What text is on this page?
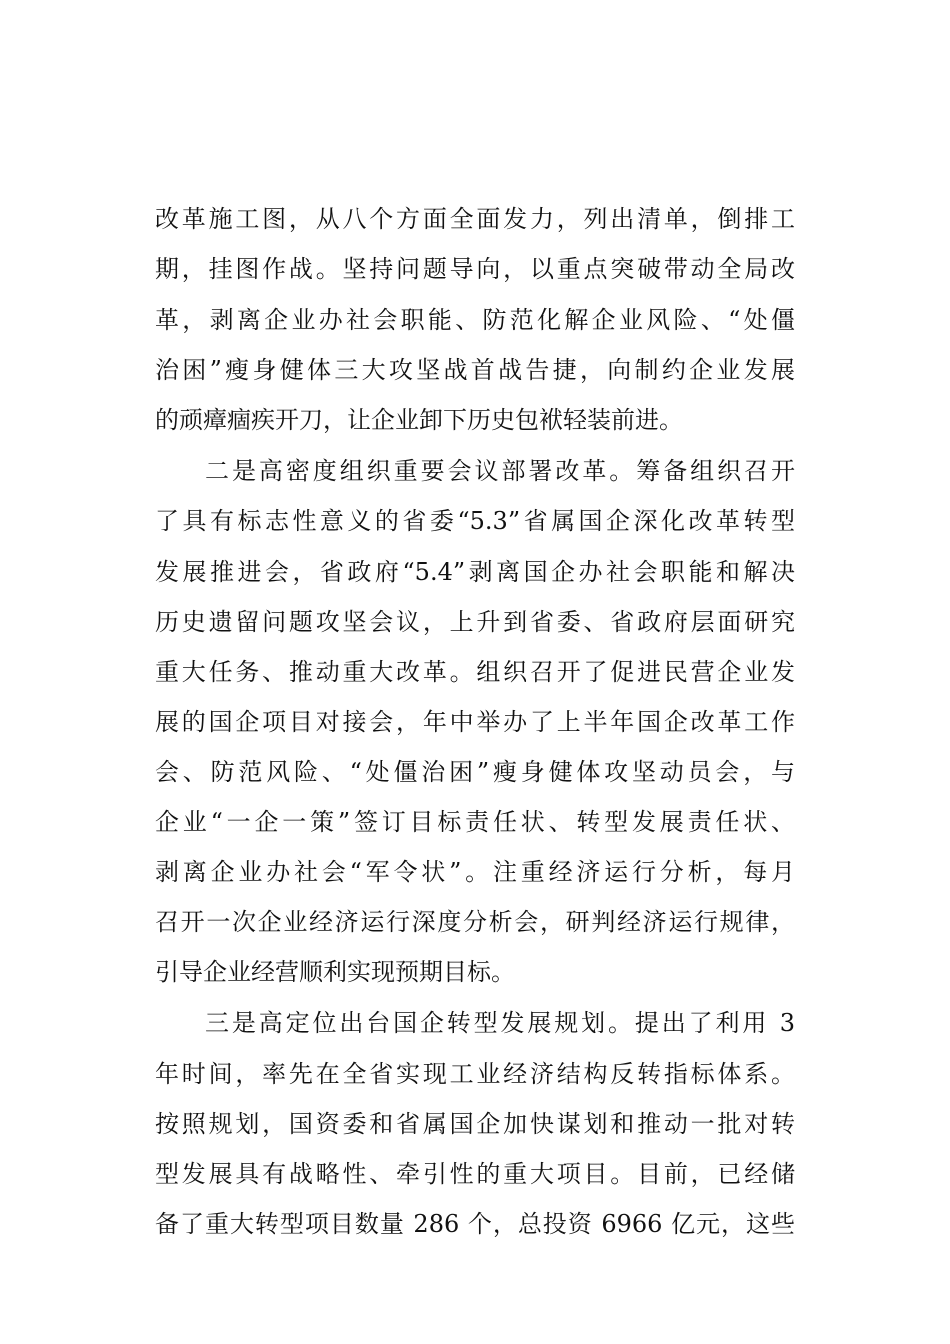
改革施工图，从八个方面全面发力，列出清单，倒排工
期，挂图作战。坚持问题导向，以重点突破带动全局改
革，剥离企业办社会职能、防范化解企业风险、“处僵
治困”瘦身健体三大攻坚战首战告捷，向制约企业发展
的顽瘴痼疾开刀，让企业卸下历史包袱轻装前进。
二是高密度组织重要会议部署改革。筹备组织召开
了具有标志性意义的省委“5.3”省属国企深化改革转型
发展推进会，省政府“5.4”剥离国企办社会职能和解决
历史遗留问题攻坚会议，上升到省委、省政府层面研究
重大任务、推动重大改革。组织召开了促进民营企业发
展的国企项目对接会，年中举办了上半年国企改革工作
会、防范风险、“处僵治困”瘦身健体攻坚动员会，与
企业“一企一策”签订目标责任状、转型发展责任状、
剥离企业办社会“军令状”。注重经济运行分析，每月
召开一次企业经济运行深度分析会，研判经济运行规律，
引导企业经营顺利实现预期目标。
三是高定位出台国企转型发展规划。提出了利用 3
年时间，率先在全省实现工业经济结构反转指标体系。
按照规划，国资委和省属国企加快谋划和推动一批对转
型发展具有战略性、牵引性的重大项目。目前，已经储
备了重大转型项目数量 286 个，总投资 6966 亿元，这些
